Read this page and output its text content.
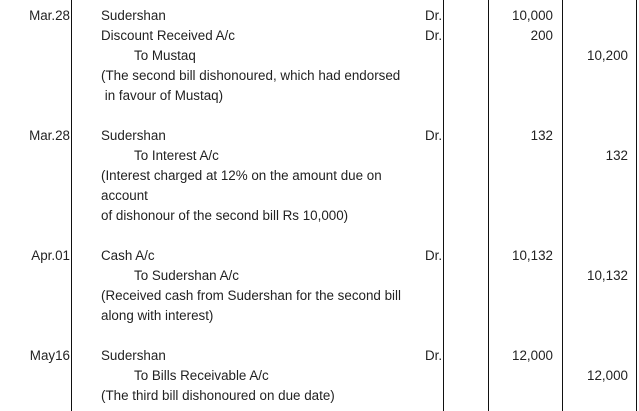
Mar.28 Sudershan	Dr.	10,000
Discount Received A/c	Dr.	200
To Mustaq	10,200
(The second bill dishonoured, which had endorsed
in favour of Mustaq)
Mar.28 Sudershan	Dr.	132
To Interest A/c	132
(Interest charged at 12% on the amount due on
account
of dishonour of the second bill Rs 10,000)
Apr.01 Cash A/c	Dr.	10,132
To Sudershan A/c	10,132
(Received cash from Sudershan for the second bill
along with interest)
May16 Sudershan	Dr.	12,000
To Bills Receivable A/c	12,000
(The third bill dishonoured on due date)
